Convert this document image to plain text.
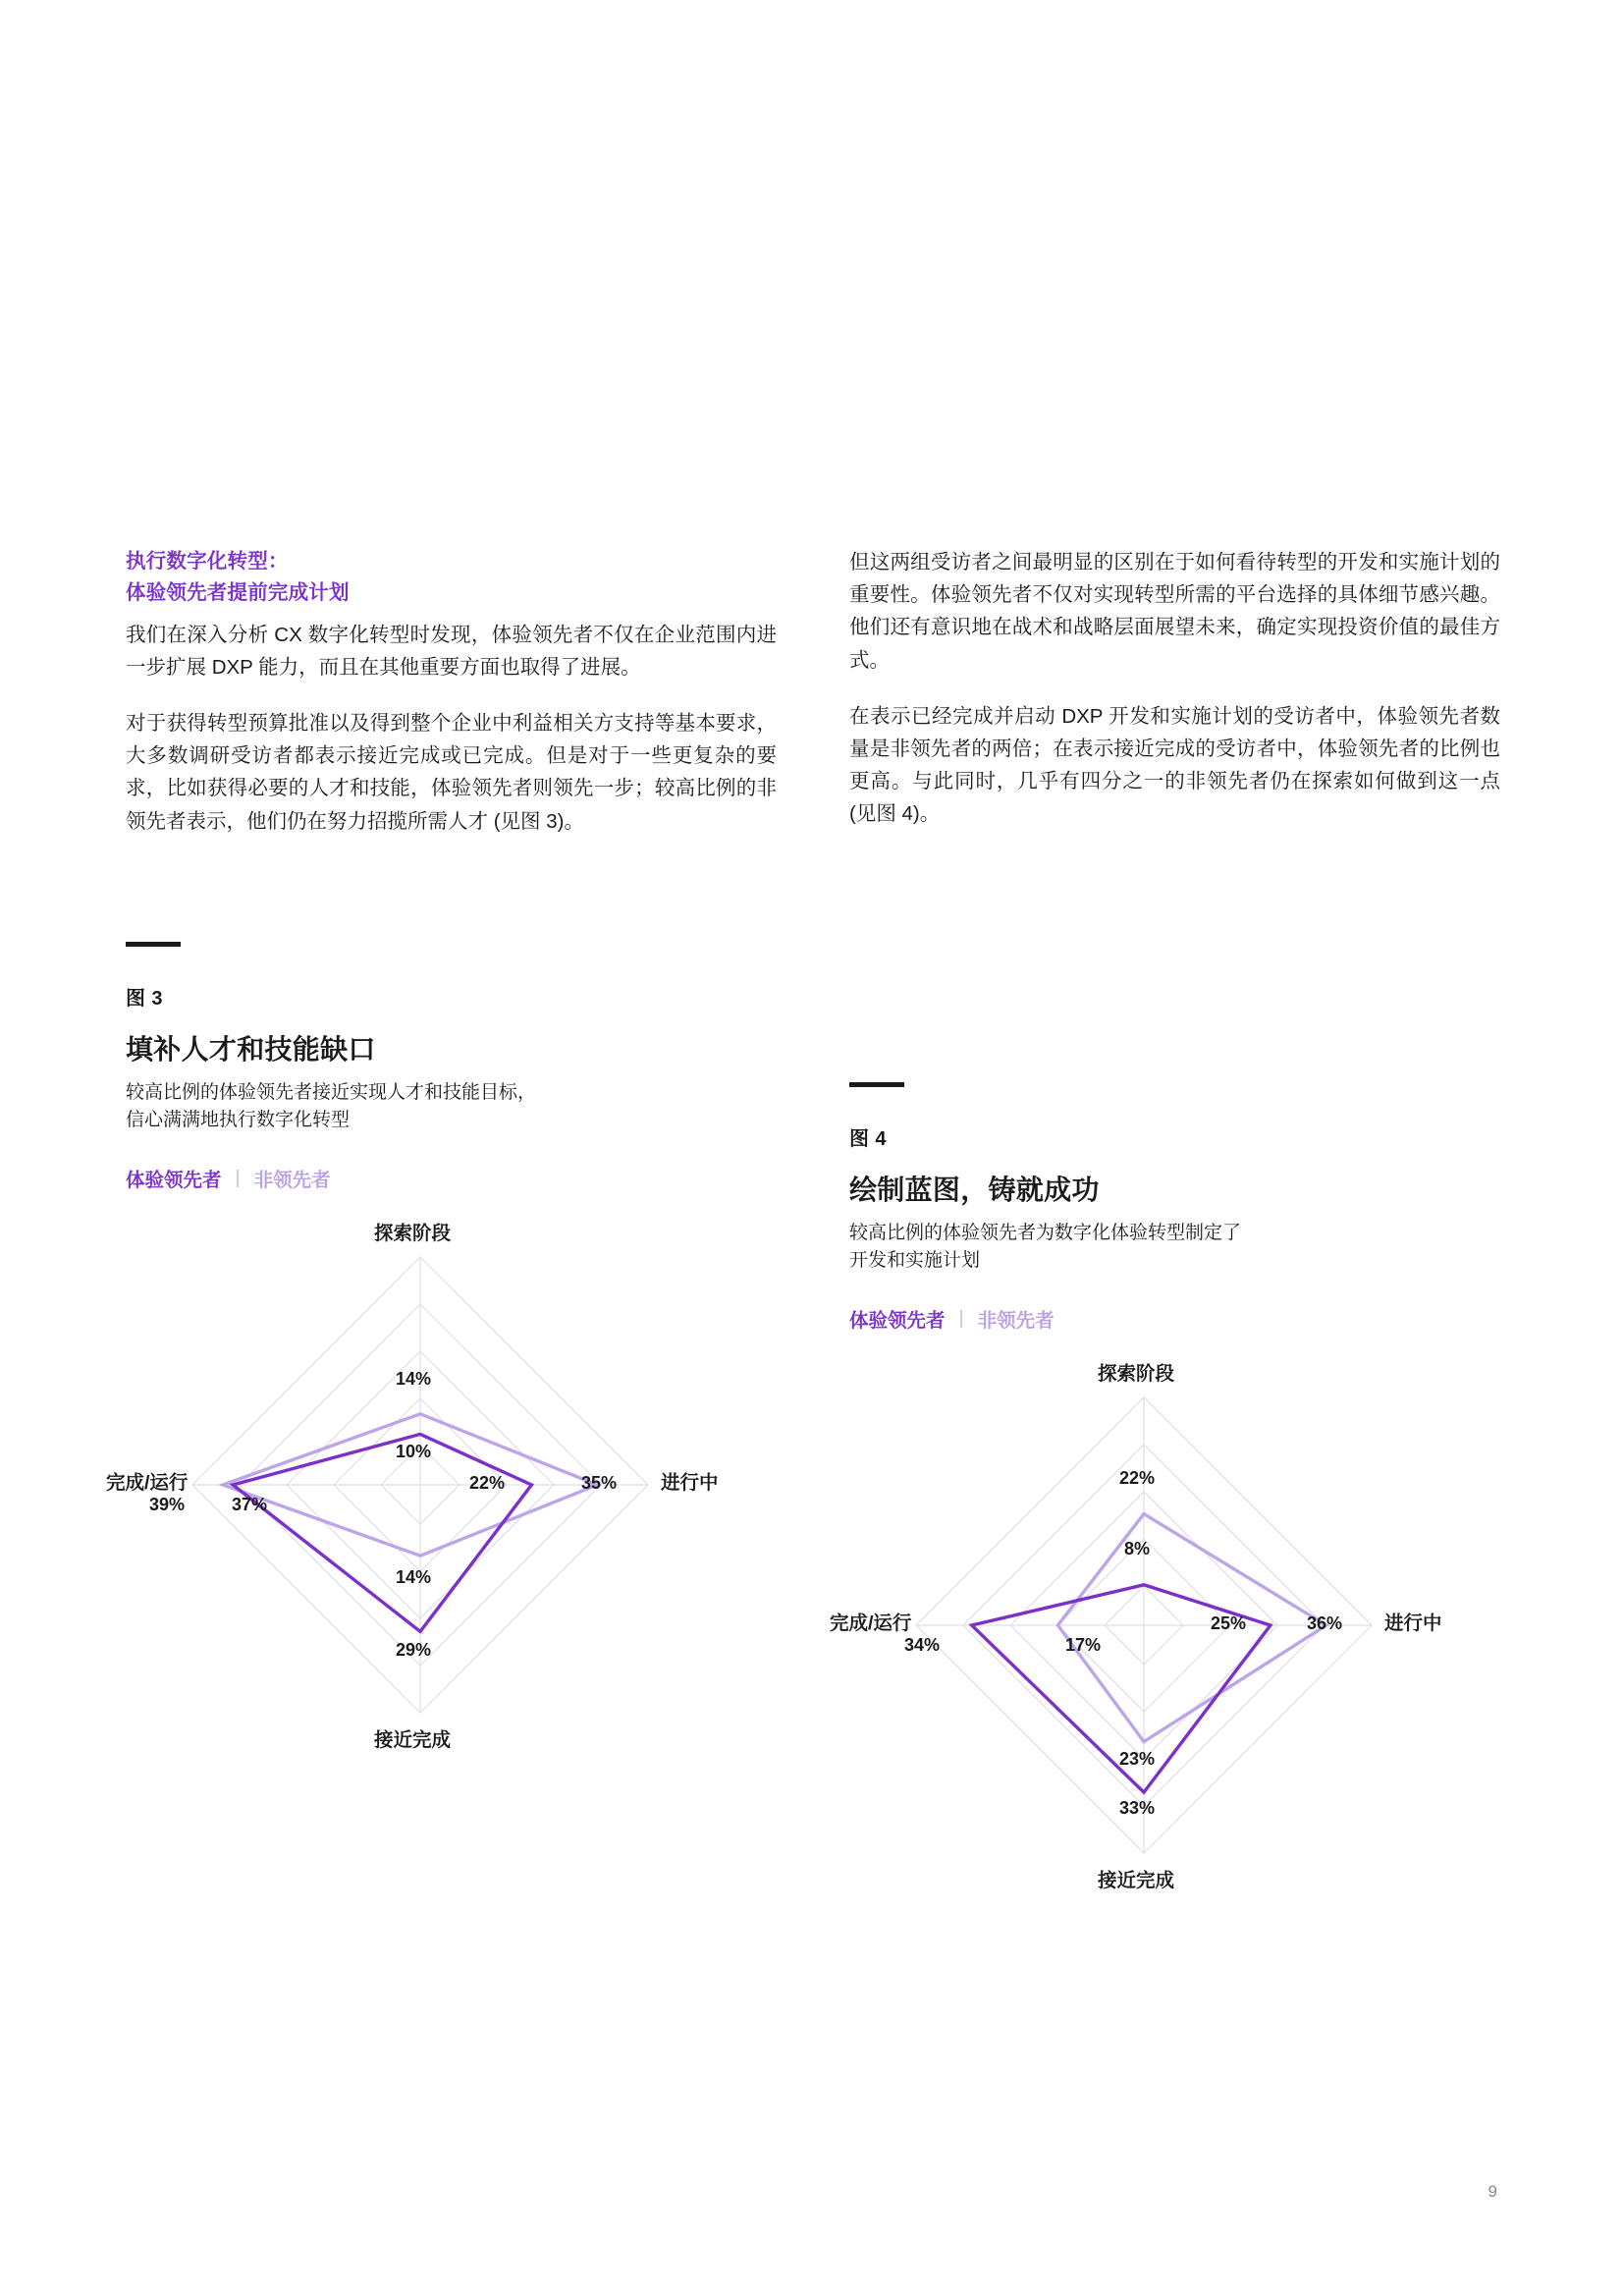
执行数字化转型：
体验领先者提前完成计划

我们在深入分析 CX 数字化转型时发现，体验领先者不仅在企业范围内进一步扩展 DXP 能力，而且在其他重要方面也取得了进展。

对于获得转型预算批准以及得到整个企业中利益相关方支持等基本要求，大多数调研受访者都表示接近完成或已完成。但是对于一些更复杂的要求，比如获得必要的人才和技能，体验领先者则领先一步；较高比例的非领先者表示，他们仍在努力招揽所需人才 (见图 3)。

图 3
填补人才和技能缺口
较高比例的体验领先者接近实现人才和技能目标，
信心满满地执行数字化转型
体验领先者 | 非领先者
探索阶段
进行中
接近完成
完成/运行
14%
35%
14%
39%
10%
22%
29%
37%

但这两组受访者之间最明显的区别在于如何看待转型的开发和实施计划的重要性。体验领先者不仅对实现转型所需的平台选择的具体细节感兴趣。他们还有意识地在战术和战略层面展望未来，确定实现投资价值的最佳方式。

在表示已经完成并启动 DXP 开发和实施计划的受访者中，体验领先者数量是非领先者的两倍；在表示接近完成的受访者中，体验领先者的比例也更高。与此同时，几乎有四分之一的非领先者仍在探索如何做到这一点 (见图 4)。

图 4
绘制蓝图，铸就成功
较高比例的体验领先者为数字化体验转型制定了
开发和实施计划
体验领先者 | 非领先者
探索阶段
进行中
接近完成
完成/运行
22%
36%
23%
17%
8%
25%
33%
34%
9
